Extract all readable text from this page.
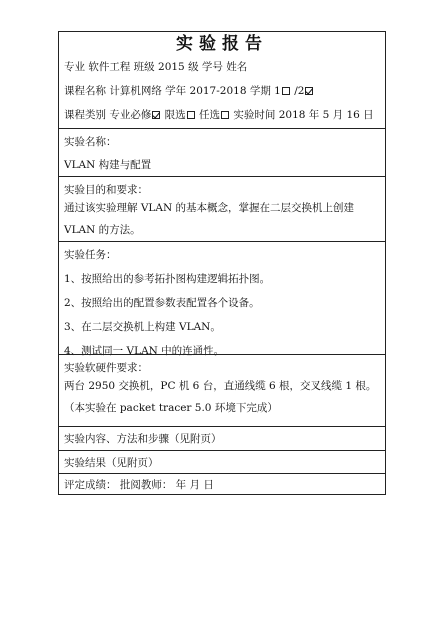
实验报告
专业 软件工程 班级 2015 级 学号 姓名
课程名称 计算机网络 学年 2017-2018 学期 1 /2
课程类别 专业必修 限选 任选 实验时间 2018 年 5 月 16 日
实验名称：
VLAN 构建与配置
实验目的和要求：
通过该实验理解 VLAN 的基本概念，掌握在二层交换机上创建 VLAN 的方法。
实验任务：
1、按照给出的参考拓扑图构建逻辑拓扑图。
2、按照给出的配置参数表配置各个设备。
3、在二层交换机上构建 VLAN。
4、测试同一 VLAN 中的连通性。
实验软硬件要求：
两台 2950 交换机，PC 机 6 台，直通线缆 6 根，交叉线缆 1 根。（本实验在 packet tracer 5.0 环境下完成）
实验内容、方法和步骤（见附页）
实验结果（见附页）
评定成绩： 批阅教师： 年 月 日
